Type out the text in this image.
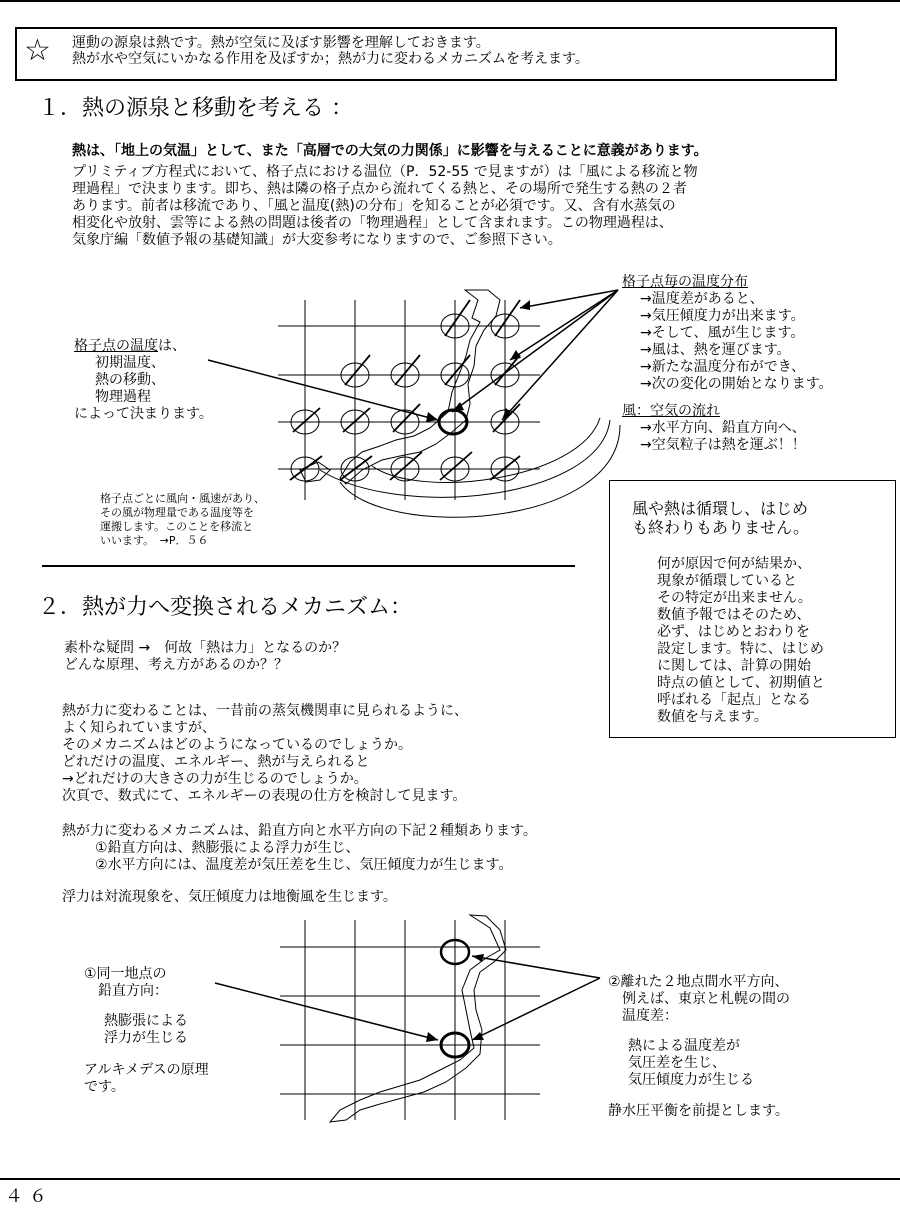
☆ 運動の源泉は熱です。熱が空気に及ぼす影響を理解しておきます。
熱が水や空気にいかなる作用を及ぼすか；熱が力に変わるメカニズムを考えます。
１．熱の源泉と移動を考える ：
熱は、「地上の気温」として、また「高層での大気の力関係」に影響を与えることに意義があります。
プリミティブ方程式において、格子点における温位（P．52-55 で見ますが）は「風による移流と物
理過程」で決まります。即ち、熱は隣の格子点から流れてくる熱と、その場所で発生する熱の２者
あります。前者は移流であり、「風と温度(熱)の分布」を知ることが必須です。又、含有水蒸気の
相変化や放射、雲等による熱の問題は後者の「物理過程」として含まれます。この物理過程は、
気象庁編「数値予報の基礎知識」が大変参考になりますので、ご参照下さい。
格子点の温度は、
初期温度、
熱の移動、
物理過程
によって決まります。
格子点毎の温度分布
→温度差があると、
→気圧傾度力が出来ます。
→そして、風が生じます。
→風は、熱を運びます。
→新たな温度分布ができ、
→次の変化の開始となります。
風：空気の流れ
→水平方向、鉛直方向へ、
→空気粒子は熱を運ぶ！！
格子点ごとに風向・風速があり、
その風が物理量である温度等を
運搬します。このことを移流と
いいます。　→P．５６
風や熱は循環し、はじめ
も終わりもありません。
何が原因で何が結果か、
現象が循環していると
その特定が出来ません。
数値予報ではそのため、
必ず、はじめとおわりを
設定します。特に、はじめ
に関しては、計算の開始
時点の値として、初期値と
呼ばれる「起点」となる
数値を与えます。
２．熱が力へ変換されるメカニズム：
素朴な疑問 →　何故「熱は力」となるのか？
どんな原理、考え方があるのか？？
熱が力に変わることは、一昔前の蒸気機関車に見られるように、
よく知られていますが、
そのメカニズムはどのようになっているのでしょうか。
どれだけの温度、エネルギー、熱が与えられると
→どれだけの大きさの力が生じるのでしょうか。
次頁で、数式にて、エネルギーの表現の仕方を検討して見ます。
熱が力に変わるメカニズムは、鉛直方向と水平方向の下記２種類あります。
①鉛直方向は、熱膨張による浮力が生じ、
②水平方向には、温度差が気圧差を生じ、気圧傾度力が生じます。
浮力は対流現象を、気圧傾度力は地衡風を生じます。
①同一地点の
　鉛直方向：
熱膨張による
浮力が生じる
アルキメデスの原理
です。
②離れた２地点間水平方向、
　例えば、東京と札幌の間の
　温度差：
熱による温度差が
気圧差を生じ、
気圧傾度力が生じる
静水圧平衡を前提とします。
４６
